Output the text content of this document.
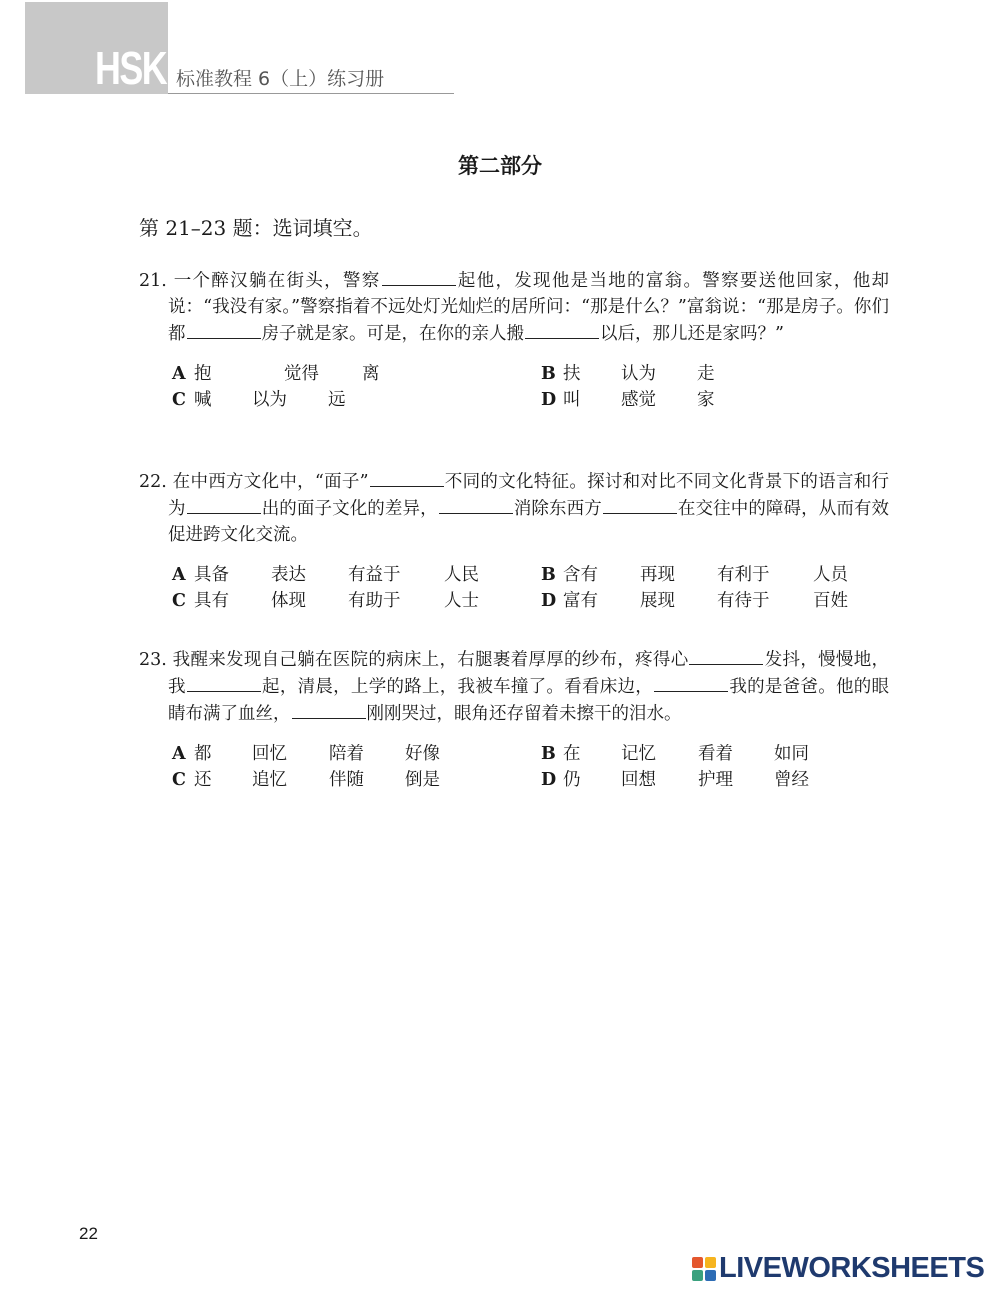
HSK 标准教程 6（上）练习册
第二部分
第 21–23 题：选词填空。
21. 一个醉汉躺在街头，警察	起他，发现他是当地的富翁。警察要送他回家，他却说：“我没有家。”警察指着不远处灯光灿烂的居所问：“那是什么？”富翁说：“那是房子。你们都	房子就是家。可是，在你的亲人搬	以后，那儿还是家吗？”
A 抱	觉得 离	B 扶 认为 走
C 喊 以为 远	D 叫 感觉 家
22. 在中西方文化中，“面子”	不同的文化特征。探讨和对比不同文化背景下的语言和行为	出的面子文化的差异，	消除东西方	在交往中的障碍，从而有效促进跨文化交流。
A 具备 表达 有益于 人民	B 含有 再现 有利于 人员
C 具有 体现 有助于 人士	D 富有 展现 有待于 百姓
23. 我醒来发现自己躺在医院的病床上，右腿裹着厚厚的纱布，疼得心	发抖，慢慢地，我	起，清晨，上学的路上，我被车撞了。看看床边，	我的是爸爸。他的眼睛布满了血丝，	刚刚哭过，眼角还存留着未擦干的泪水。
A 都 回忆 陪着 好像	B 在 记忆 看着 如同
C 还 追忆 伴随 倒是	D 仍 回想 护理 曾经
22
LIVEWORKSHEETS
